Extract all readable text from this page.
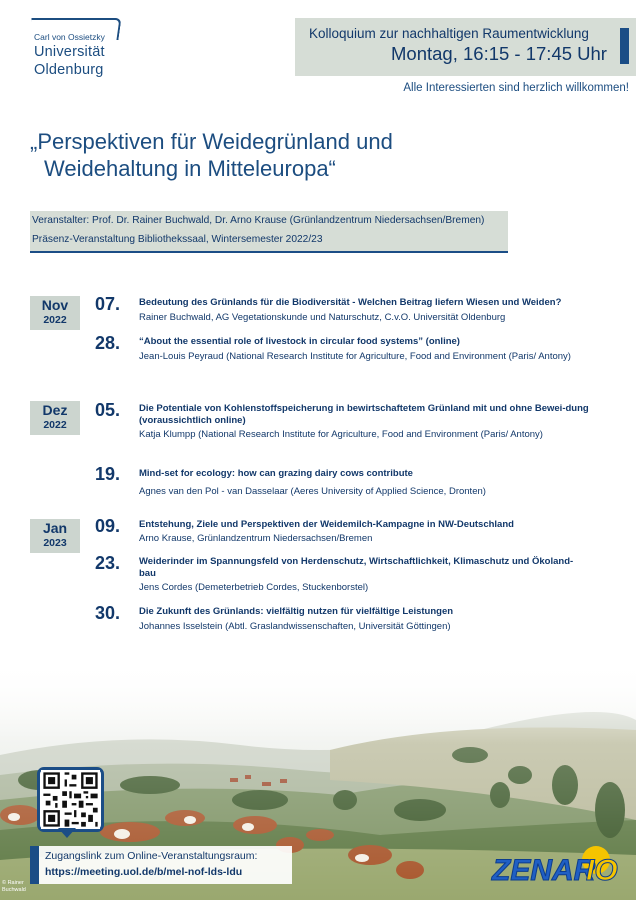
Carl von Ossietzky
Universität
Oldenburg
Kolloquium zur nachhaltigen Raumentwicklung
Montag, 16:15 - 17:45 Uhr
Alle Interessierten sind herzlich willkommen!
„Perspektiven für Weidegrünland und
Weidehaltung in Mitteleuropa“
Veranstalter: Prof. Dr. Rainer Buchwald, Dr. Arno Krause (Grünlandzentrum Niedersachsen/Bremen)
Präsenz-Veranstaltung Bibliothekssaal, Wintersemester 2022/23
Nov
2022
Dez
2022
Jan
2023
07. Bedeutung des Grünlands für die Biodiversität - Welchen Beitrag liefern Wiesen und Weiden?
Rainer Buchwald, AG Vegetationskunde und Naturschutz, C.v.O. Universität Oldenburg
28. “About the essential role of livestock in circular food systems” (online)
Jean-Louis Peyraud (National Research Institute for Agriculture, Food and Environment (Paris/ Antony)
05. Die Potentiale von Kohlenstoffspeicherung in bewirtschaftetem Grünland mit und ohne Bewei-dung (voraussichtlich online)
Katja Klumpp (National Research Institute for Agriculture, Food and Environment (Paris/ Antony)
19. Mind-set for ecology: how can grazing dairy cows contribute
Agnes van den Pol - van Dasselaar (Aeres University of Applied Science, Dronten)
09. Entstehung, Ziele und Perspektiven der Weidemilch-Kampagne in NW-Deutschland
Arno Krause, Grünlandzentrum Niedersachsen/Bremen
23. Weiderinder im Spannungsfeld von Herdenschutz, Wirtschaftlichkeit, Klimaschutz und Ökoland-bau
Jens Cordes (Demeterbetrieb Cordes, Stuckenborstel)
30. Die Zukunft des Grünlands: vielfältig nutzen für vielfältige Leistungen
Johannes Isselstein (Abtl. Graslandwissenschaften, Universität Göttingen)
Zugangslink zum Online-Veranstaltungsraum:
https://meeting.uol.de/b/mel-nof-lds-ldu
© Rainer
Buchwald
ZENAR
IO
